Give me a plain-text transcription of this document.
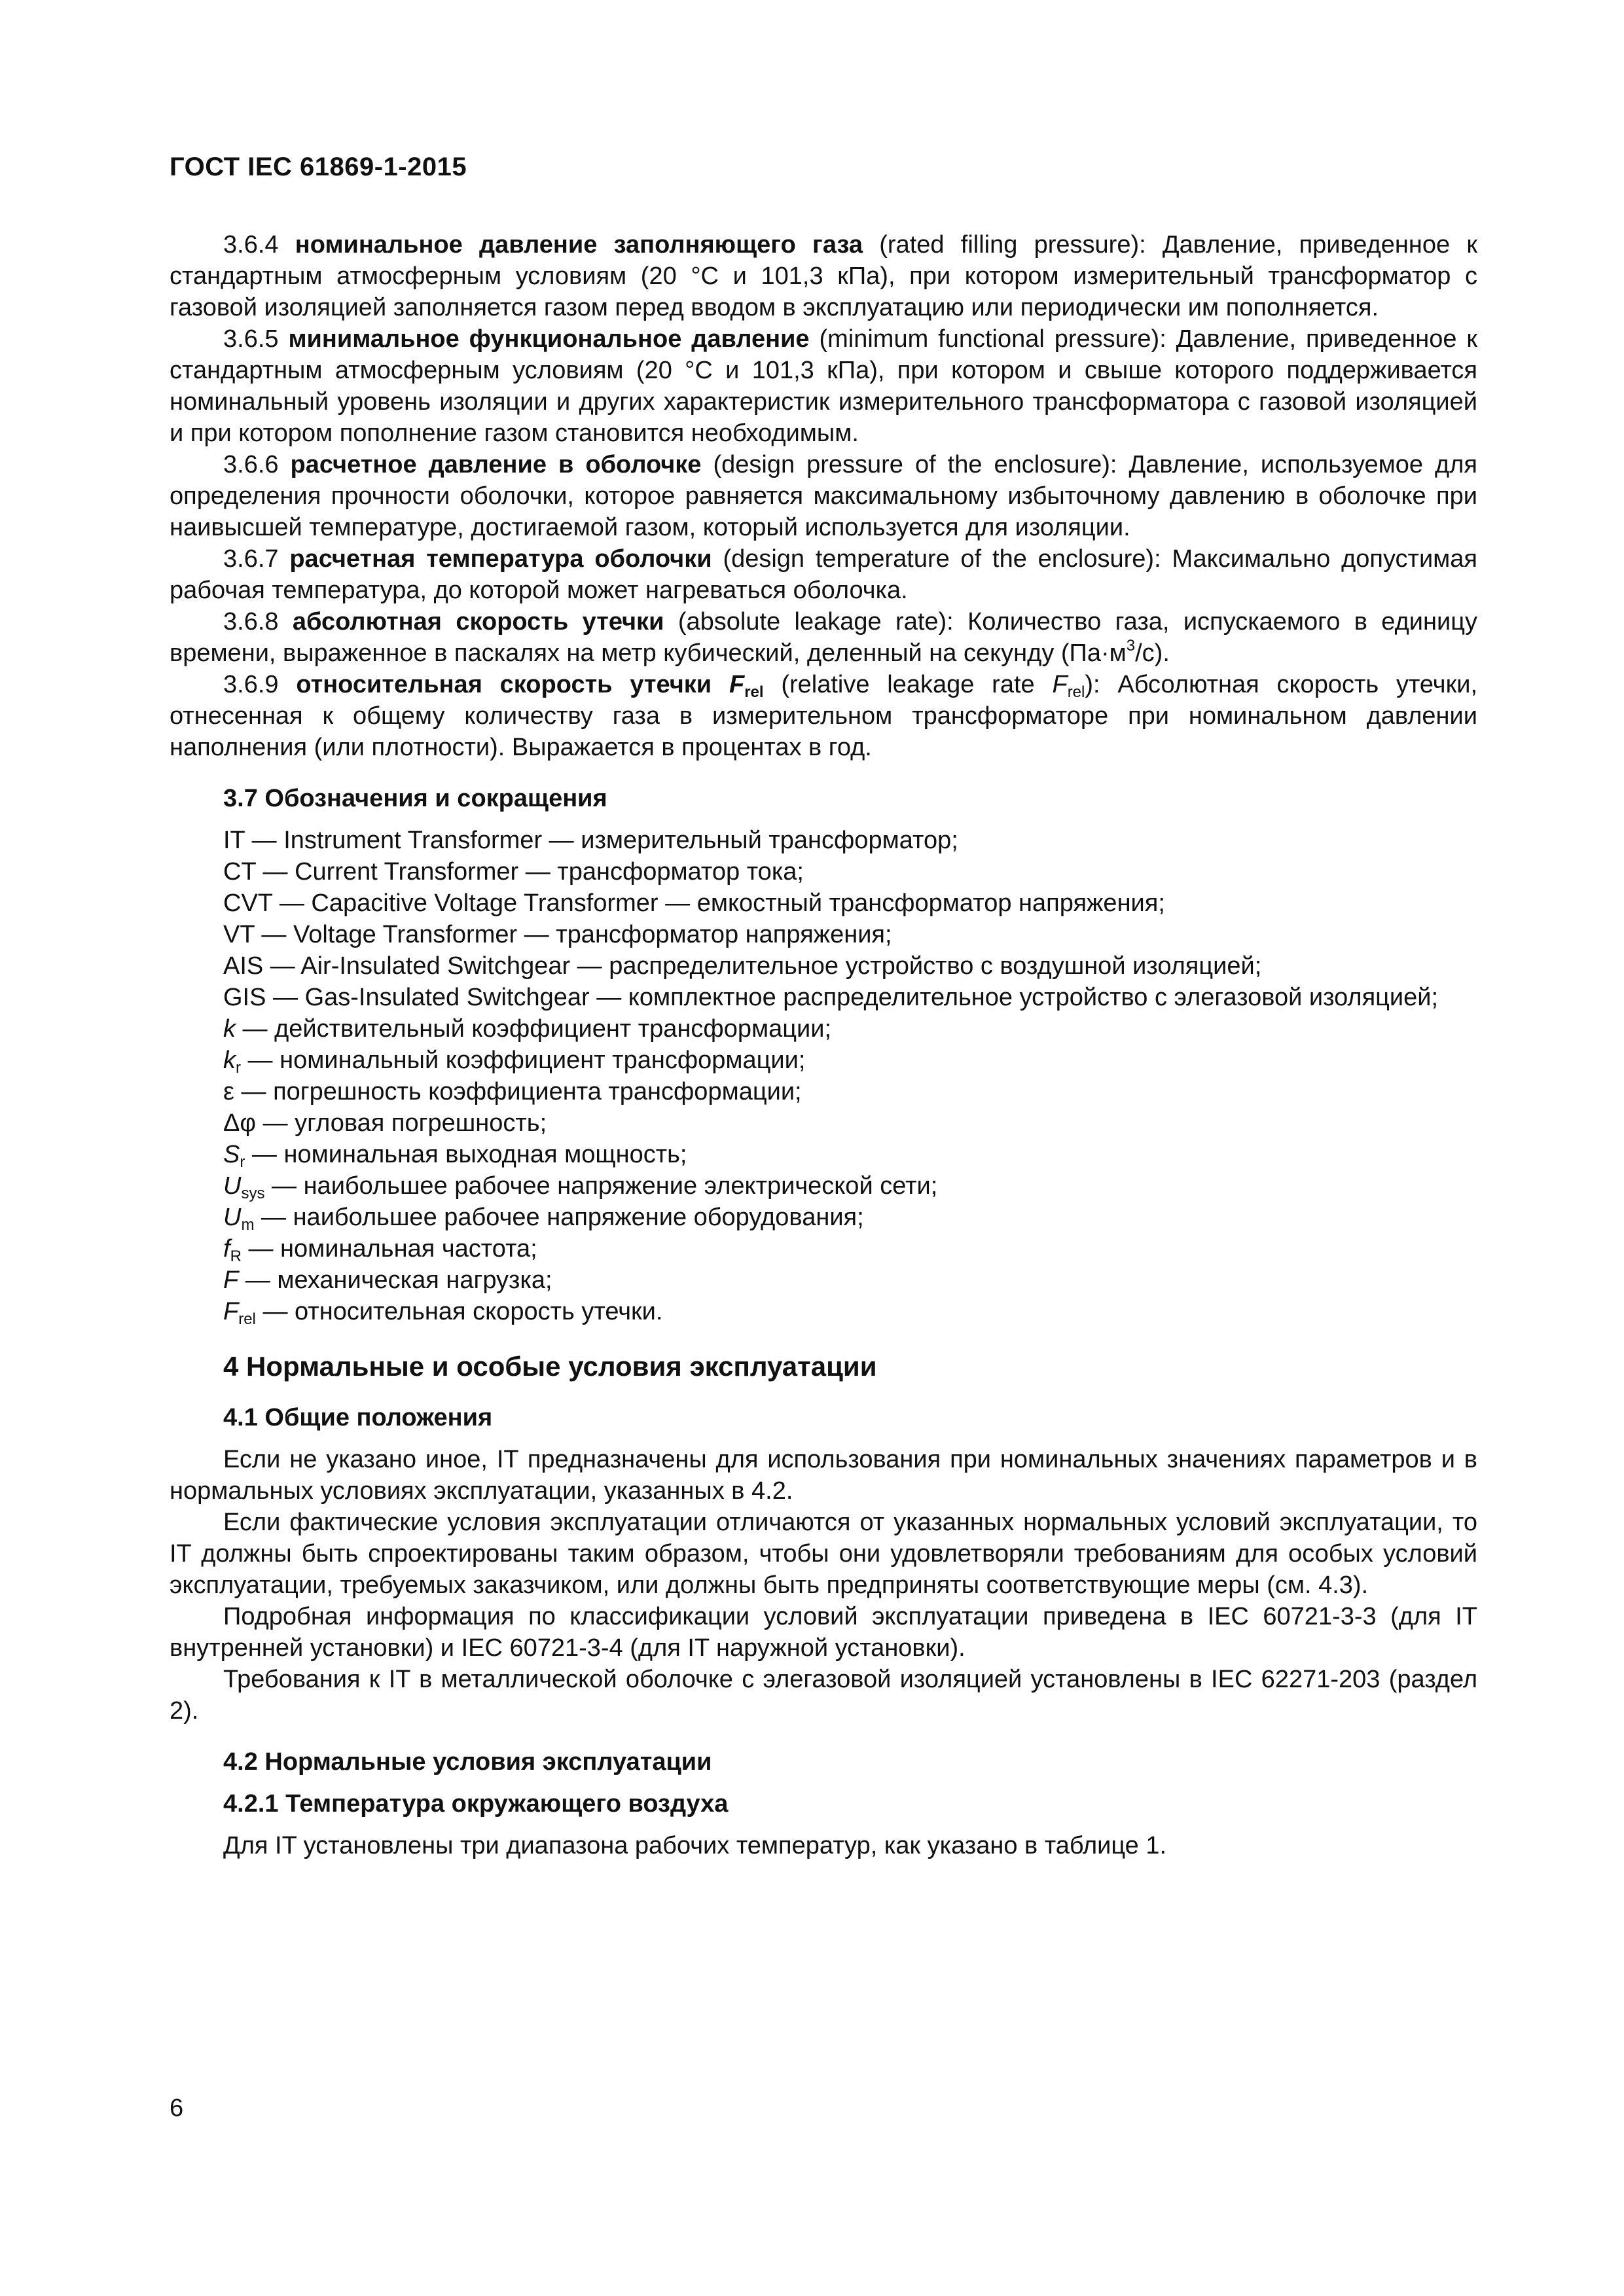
ГОСТ IEC 61869-1-2015

3.6.4 номинальное давление заполняющего газа (rated filling pressure): Давление, приведенное к стандартным атмосферным условиям (20 °С и 101,3 кПа), при котором измерительный трансформатор с газовой изоляцией заполняется газом перед вводом в эксплуатацию или периодически им пополняется.

3.6.5 минимальное функциональное давление (minimum functional pressure): Давление, приведенное к стандартным атмосферным условиям (20 °С и 101,3 кПа), при котором и свыше которого поддерживается номинальный уровень изоляции и других характеристик измерительного трансформатора с газовой изоляцией и при котором пополнение газом становится необходимым.

3.6.6 расчетное давление в оболочке (design pressure of the enclosure): Давление, используемое для определения прочности оболочки, которое равняется максимальному избыточному давлению в оболочке при наивысшей температуре, достигаемой газом, который используется для изоляции.

3.6.7 расчетная температура оболочки (design temperature of the enclosure): Максимально допустимая рабочая температура, до которой может нагреваться оболочка.

3.6.8 абсолютная скорость утечки (absolute leakage rate): Количество газа, испускаемого в единицу времени, выраженное в паскалях на метр кубический, деленный на секунду $(Па\cdot м^3/с)$.

3.6.9 относительная скорость утечки $F_{rel}$ (relative leakage rate $F_{rel}$): Абсолютная скорость утечки, отнесенная к общему количеству газа в измерительном трансформаторе при номинальном давлении наполнения (или плотности). Выражается в процентах в год.

3.7 Обозначения и сокращения
IT — Instrument Transformer — измерительный трансформатор;
CT — Current Transformer — трансформатор тока;
CVT — Capacitive Voltage Transformer — емкостный трансформатор напряжения;
VT — Voltage Transformer — трансформатор напряжения;
AIS — Air-Insulated Switchgear — распределительное устройство с воздушной изоляцией;
GIS — Gas-Insulated Switchgear — комплектное распределительное устройство с элегазовой изоляцией;
k — действительный коэффициент трансформации;
$k_r$ — номинальный коэффициент трансформации;
ε — погрешность коэффициента трансформации;
Δφ — угловая погрешность;
$S_r$ — номинальная выходная мощность;
$U_{sys}$ — наибольшее рабочее напряжение электрической сети;
$U_m$ — наибольшее рабочее напряжение оборудования;
$f_R$ — номинальная частота;
F — механическая нагрузка;
$F_{rel}$ — относительная скорость утечки.
4 Нормальные и особые условия эксплуатации
4.1 Общие положения

Если не указано иное, IT предназначены для использования при номинальных значениях параметров и в нормальных условиях эксплуатации, указанных в 4.2.

Если фактические условия эксплуатации отличаются от указанных нормальных условий эксплуатации, то IT должны быть спроектированы таким образом, чтобы они удовлетворяли требованиям для особых условий эксплуатации, требуемых заказчиком, или должны быть предприняты соответствующие меры (см. 4.3).

Подробная информация по классификации условий эксплуатации приведена в IEC 60721-3-3 (для IT внутренней установки) и IEC 60721-3-4 (для IT наружной установки).

Требования к IT в металлической оболочке с элегазовой изоляцией установлены в IEC 62271-203 (раздел 2).

4.2 Нормальные условия эксплуатации
4.2.1 Температура окружающего воздуха

Для IT установлены три диапазона рабочих температур, как указано в таблице 1.

6
